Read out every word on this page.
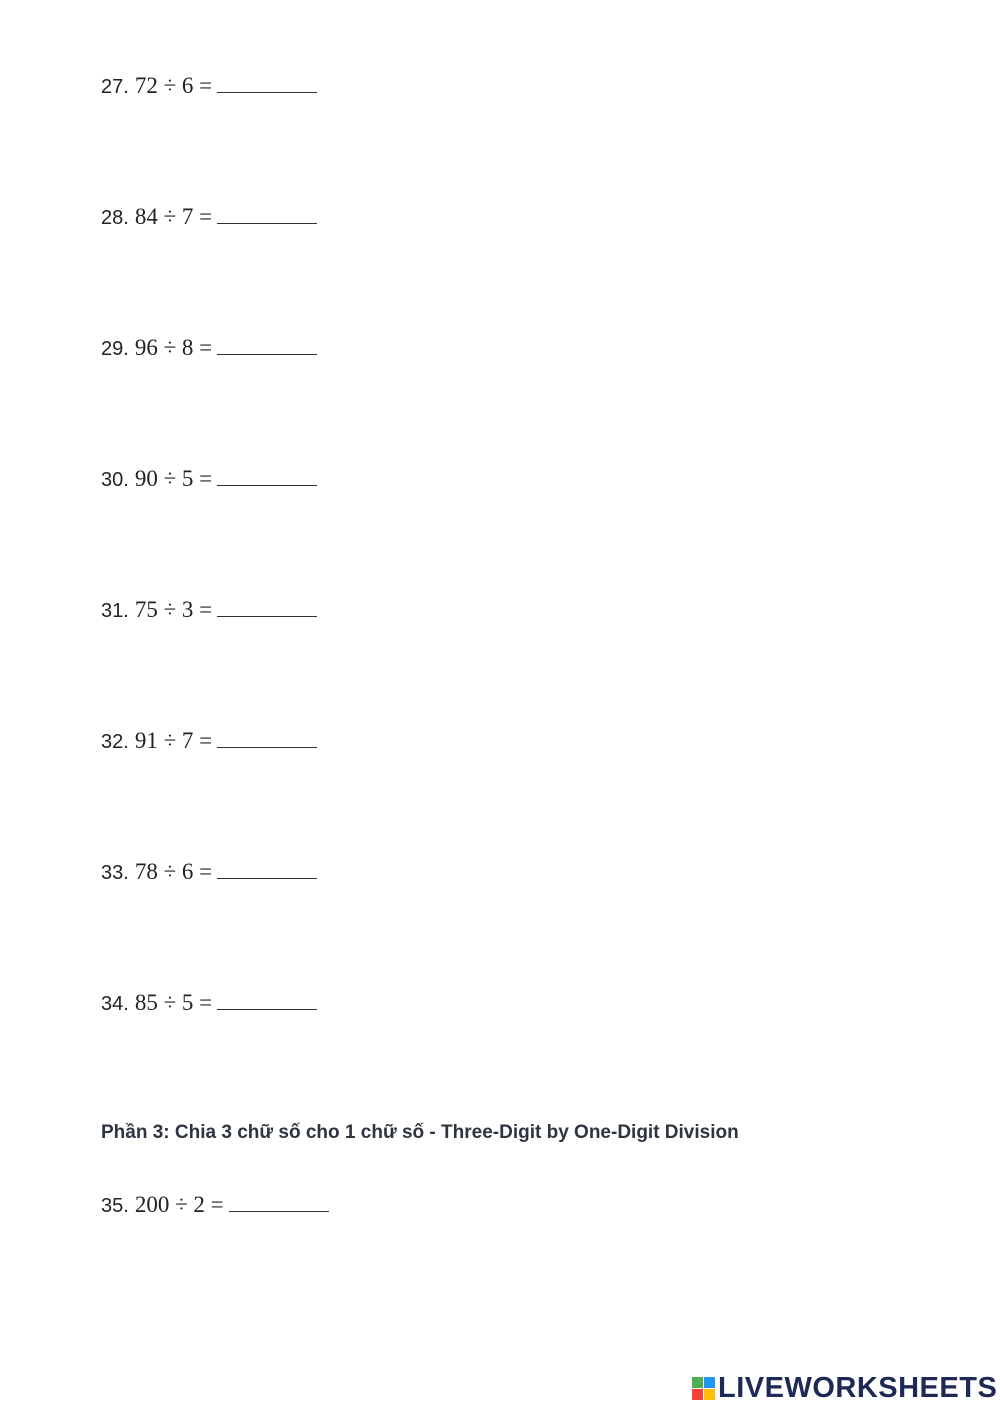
27. 72 ÷ 6 =
28. 84 ÷ 7 =
29. 96 ÷ 8 =
30. 90 ÷ 5 =
31. 75 ÷ 3 =
32. 91 ÷ 7 =
33. 78 ÷ 6 =
34. 85 ÷ 5 =
Phần 3: Chia 3 chữ số cho 1 chữ số - Three-Digit by One-Digit Division
35. 200 ÷ 2 =
LIVEWORKSHEETS
